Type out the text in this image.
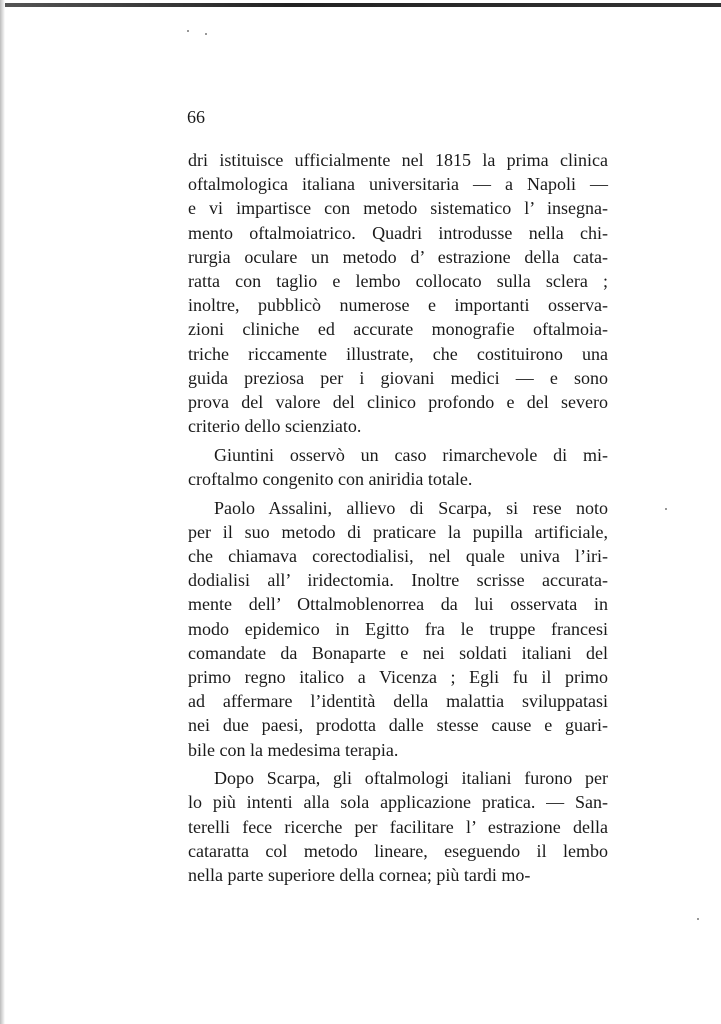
66
dri istituisce ufficialmente nel 1815 la prima clinica
oftalmologica italiana universitaria — a Napoli —
e vi impartisce con metodo sistematico l’ insegna-
mento oftalmoiatrico. Quadri introdusse nella chi-
rurgia oculare un metodo d’ estrazione della cata-
ratta con taglio e lembo collocato sulla sclera ;
inoltre, pubblicò numerose e importanti osserva-
zioni cliniche ed accurate monografie oftalmoia-
triche riccamente illustrate, che costituirono una
guida preziosa per i giovani medici — e sono
prova del valore del clinico profondo e del severo
criterio dello scienziato.
Giuntini osservò un caso rimarchevole di mi-
croftalmo congenito con aniridia totale.
Paolo Assalini, allievo di Scarpa, si rese noto
per il suo metodo di praticare la pupilla artificiale,
che chiamava corectodialisi, nel quale univa l’iri-
dodialisi all’ iridectomia. Inoltre scrisse accurata-
mente dell’ Ottalmoblenorrea da lui osservata in
modo epidemico in Egitto fra le truppe francesi
comandate da Bonaparte e nei soldati italiani del
primo regno italico a Vicenza ; Egli fu il primo
ad affermare l’identità della malattia sviluppatasi
nei due paesi, prodotta dalle stesse cause e guari-
bile con la medesima terapia.
Dopo Scarpa, gli oftalmologi italiani furono per
lo più intenti alla sola applicazione pratica. — San-
terelli fece ricerche per facilitare l’ estrazione della
cataratta col metodo lineare, eseguendo il lembo
nella parte superiore della cornea; più tardi mo-
